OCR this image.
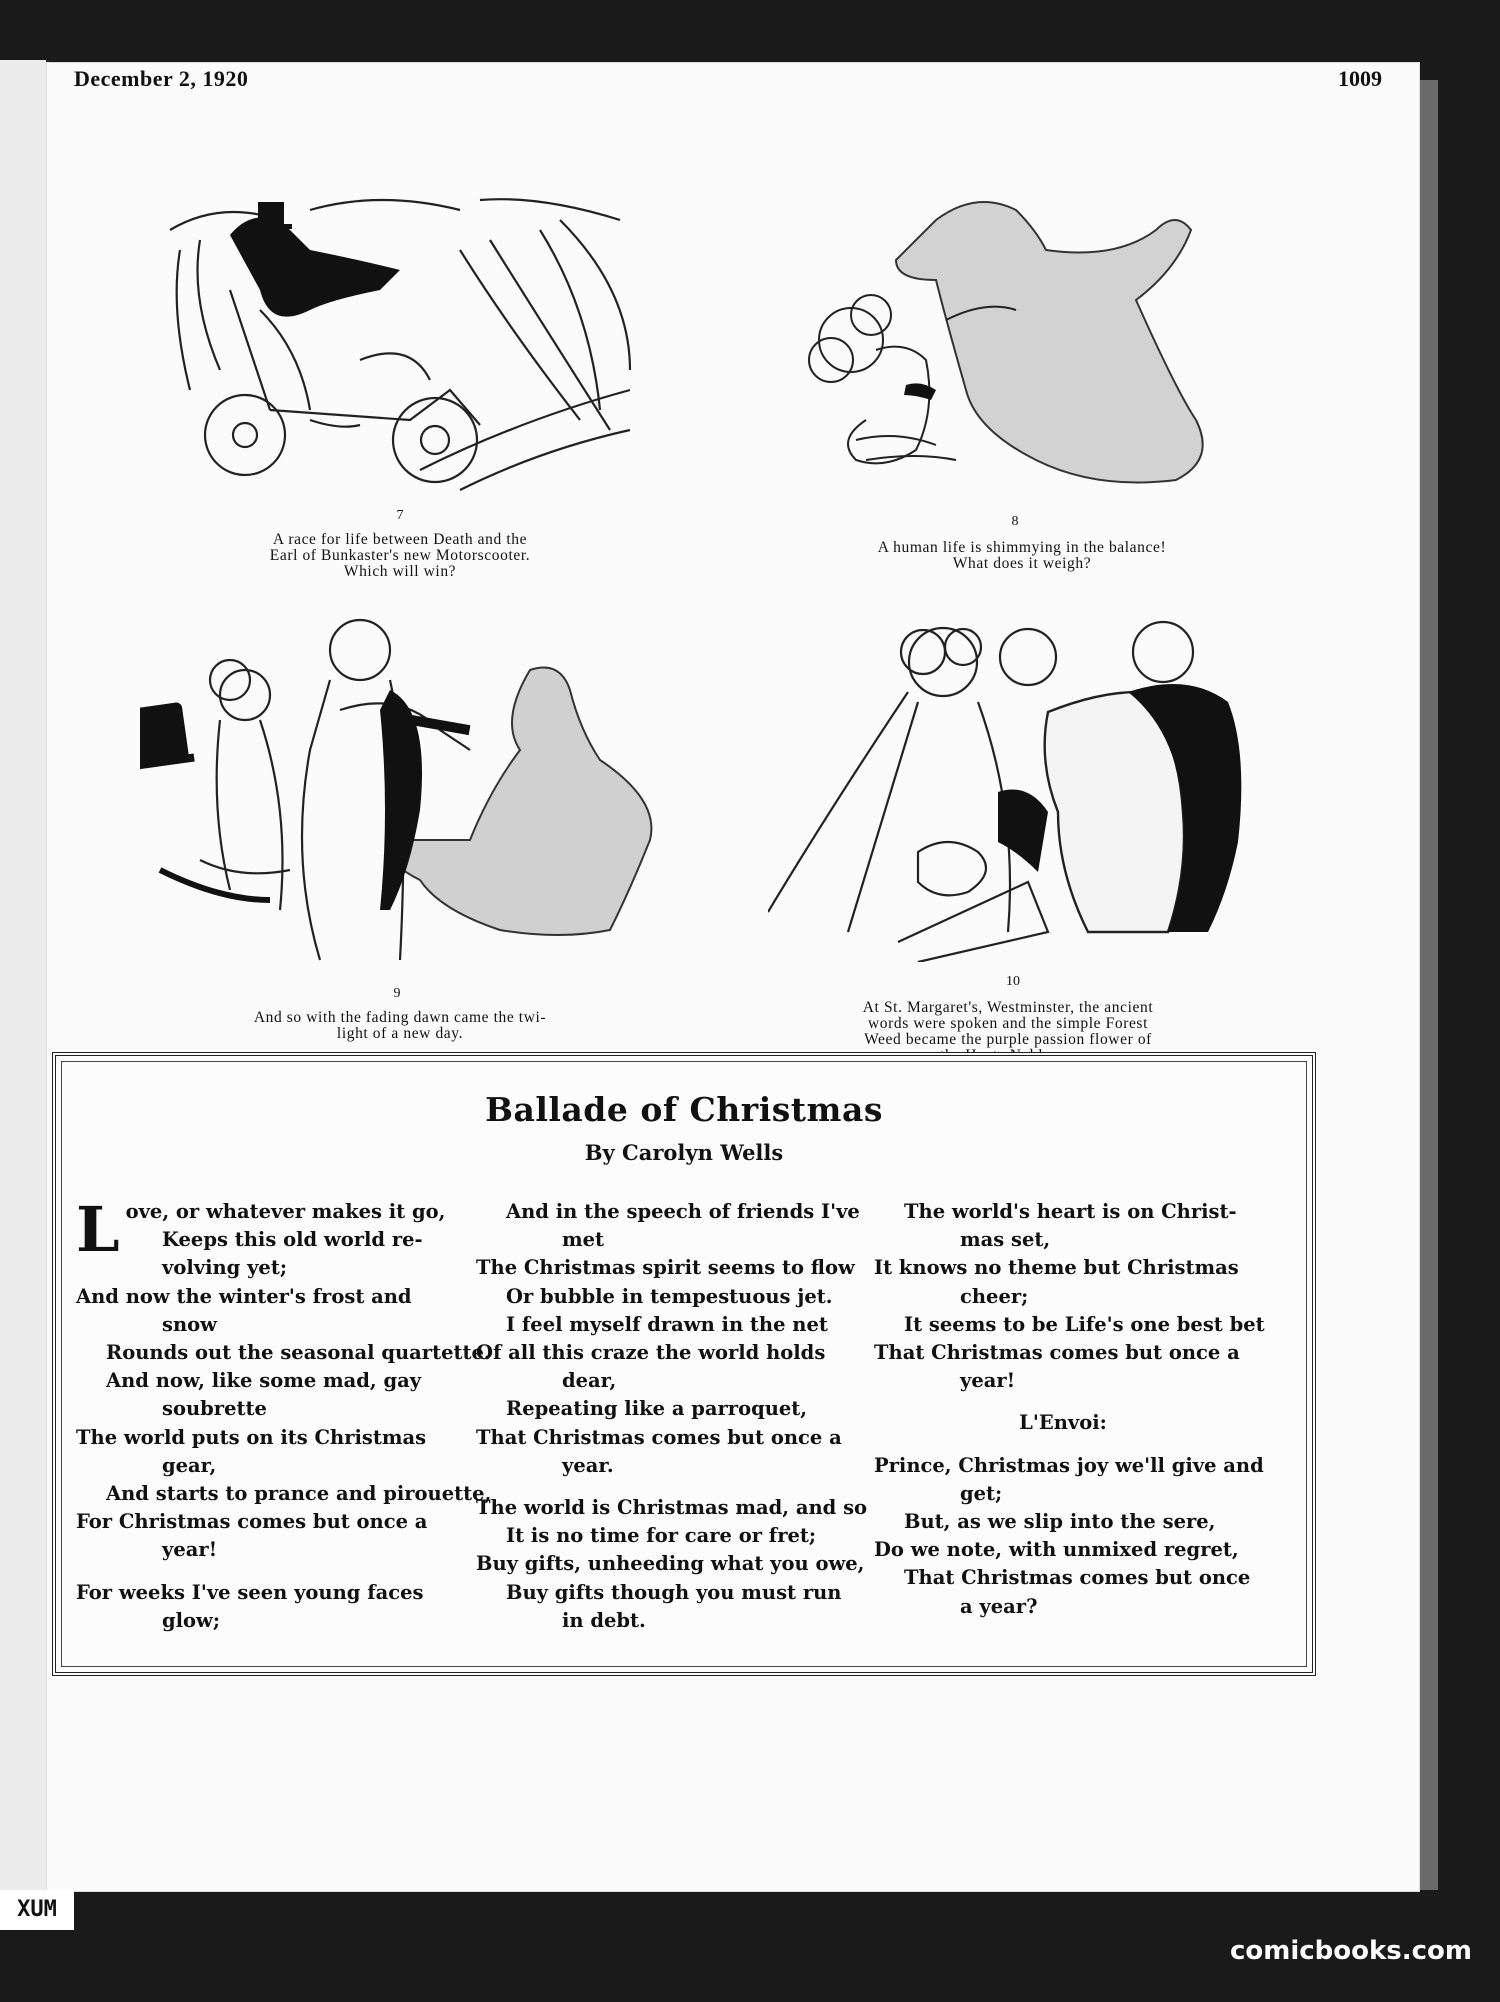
December 2, 1920	1009
7
A race for life between Death and the
Earl of Bunkaster's new Motorscooter.
Which will win?
8
A human life is shimmying in the balance!
What does it weigh?
9
And so with the fading dawn came the twi-
light of a new day.
10
At St. Margaret's, Westminster, the ancient
words were spoken and the simple Forest
Weed became the purple passion flower of
Ballade of Christmas
By Carolyn Wells
L ove, or whatever makes it go,
Keeps this old world re-
volving yet;
And now the winter's frost and
snow
Rounds out the seasonal quartette.
And now, like some mad, gay
soubrette
The world puts on its Christmas
gear,
And starts to prance and pirouette,
For Christmas comes but once a
year!
For weeks I've seen young faces
glow;
And in the speech of friends I've
met
The Christmas spirit seems to flow
Or bubble in tempestuous jet.
I feel myself drawn in the net
Of all this craze the world holds
dear,
Repeating like a parroquet,
That Christmas comes but once a
year.
The world is Christmas mad, and so
It is no time for care or fret;
Buy gifts, unheeding what you owe,
Buy gifts though you must run
in debt.
The world's heart is on Christ-
mas set,
It knows no theme but Christmas
cheer;
It seems to be Life's one best bet
That Christmas comes but once a
year!
L'Envoi:
Prince, Christmas joy we'll give and
get;
But, as we slip into the sere,
Do we note, with unmixed regret,
That Christmas comes but once
a year?
XUM
comicbooks.com
